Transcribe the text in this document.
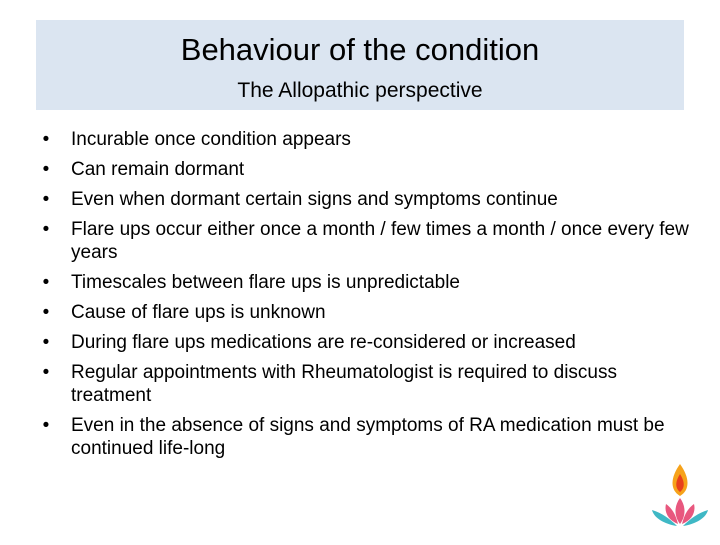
Behaviour of the condition
The Allopathic perspective
• Incurable once condition appears
• Can remain dormant
• Even when dormant certain signs and symptoms continue
• Flare ups occur either once a month / few times a month / once every few years
• Timescales between flare ups is unpredictable
• Cause of flare ups is unknown
• During flare ups medications are re-considered or increased
• Regular appointments with Rheumatologist is required to discuss treatment
• Even in the absence of signs and symptoms of RA medication must be continued life-long
